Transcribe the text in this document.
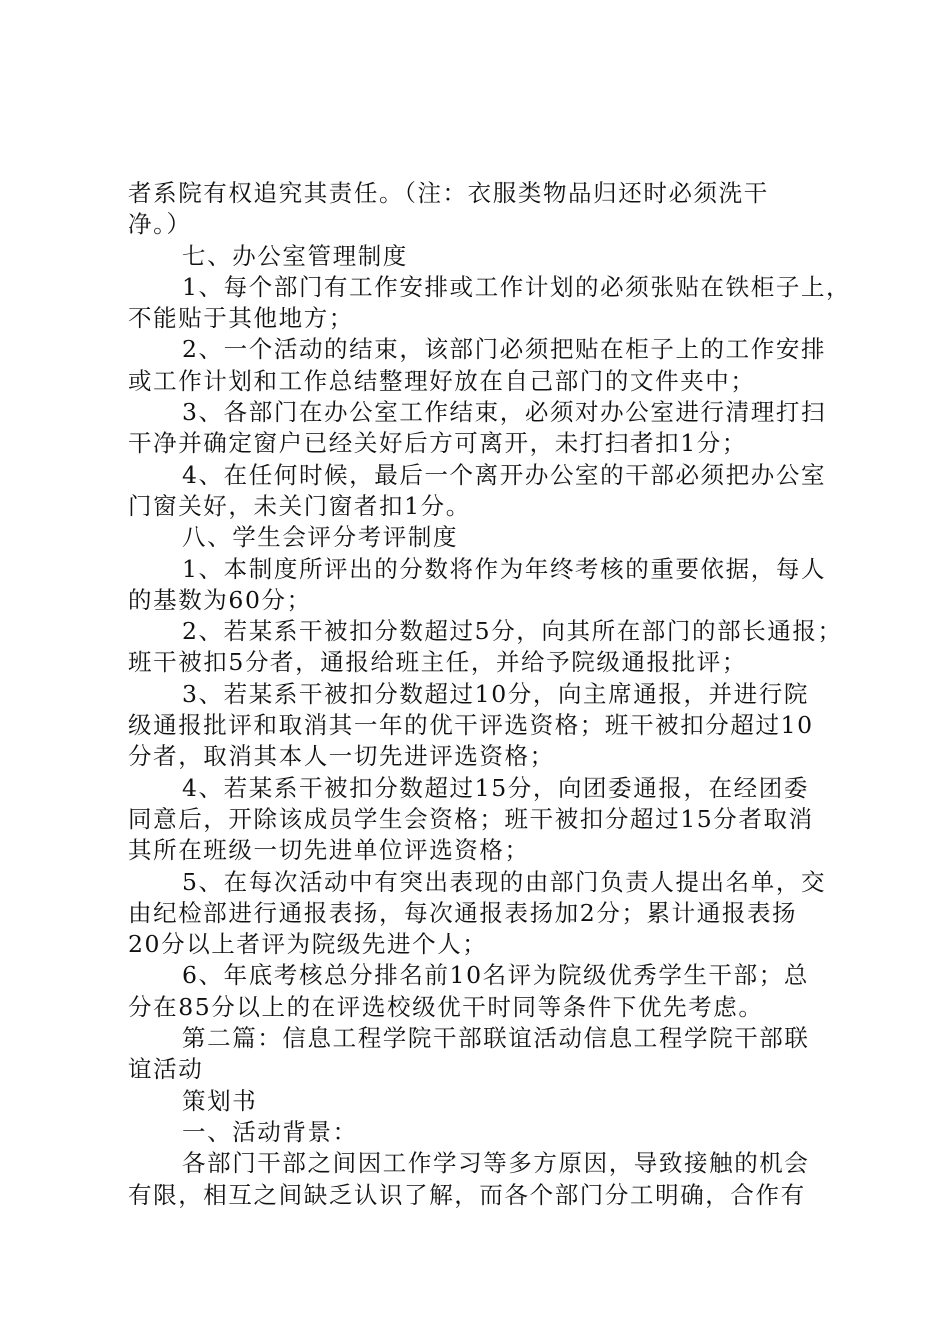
者系院有权追究其责任。（注：衣服类物品归还时必须洗干
净。）
七、办公室管理制度
1、每个部门有工作安排或工作计划的必须张贴在铁柜子上，
不能贴于其他地方；
2、一个活动的结束，该部门必须把贴在柜子上的工作安排
或工作计划和工作总结整理好放在自己部门的文件夹中；
3、各部门在办公室工作结束，必须对办公室进行清理打扫
干净并确定窗户已经关好后方可离开，未打扫者扣1分；
4、在任何时候，最后一个离开办公室的干部必须把办公室
门窗关好，未关门窗者扣1分。
八、学生会评分考评制度
1、本制度所评出的分数将作为年终考核的重要依据，每人
的基数为60分；
2、若某系干被扣分数超过5分，向其所在部门的部长通报；
班干被扣5分者，通报给班主任，并给予院级通报批评；
3、若某系干被扣分数超过10分，向主席通报，并进行院
级通报批评和取消其一年的优干评选资格；班干被扣分超过10
分者，取消其本人一切先进评选资格；
4、若某系干被扣分数超过15分，向团委通报，在经团委
同意后，开除该成员学生会资格；班干被扣分超过15分者取消
其所在班级一切先进单位评选资格；
5、在每次活动中有突出表现的由部门负责人提出名单，交
由纪检部进行通报表扬，每次通报表扬加2分；累计通报表扬
20分以上者评为院级先进个人；
6、年底考核总分排名前10名评为院级优秀学生干部；总
分在85分以上的在评选校级优干时同等条件下优先考虑。
第二篇：信息工程学院干部联谊活动信息工程学院干部联
谊活动
策划书
一、活动背景：
各部门干部之间因工作学习等多方原因，导致接触的机会
有限，相互之间缺乏认识了解，而各个部门分工明确，合作有
